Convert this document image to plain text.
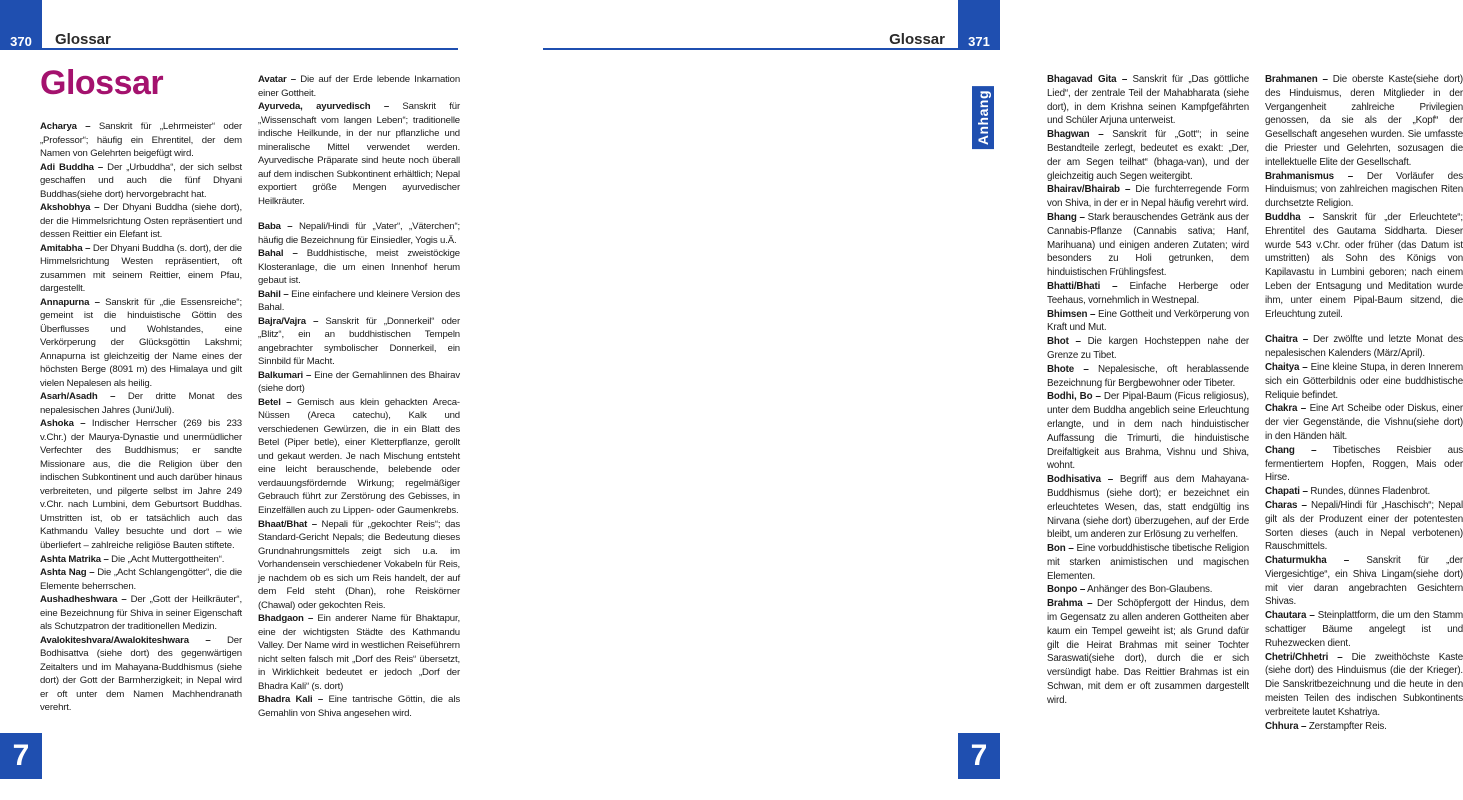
370	Glossar
Glossar

Acharya – Sanskrit für „Lehrmeister“ oder „Professor“; häufig ein Ehrentitel, der dem Namen von Gelehrten beigefügt wird.

Adi Buddha – Der „Urbuddha“, der sich selbst geschaffen und auch die fünf Dhyani Buddhas(siehe dort) hervorgebracht hat.

Akshobhya – Der Dhyani Buddha (siehe dort), der die Himmelsrichtung Osten repräsentiert und dessen Reittier ein Elefant ist.

Amitabha – Der Dhyani Buddha (s. dort), der die Himmelsrichtung Westen repräsentiert, oft zusammen mit seinem Reittier, einem Pfau, dargestellt.

Annapurna – Sanskrit für „die Essensreiche“; gemeint ist die hinduistische Göttin des Überflusses und Wohlstandes, eine Verkörperung der Glücksgöttin Lakshmi; Annapurna ist gleichzeitig der Name eines der höchsten Berge (8091 m) des Himalaya und gilt vielen Nepalesen als heilig.

Asarh/Asadh – Der dritte Monat des nepalesischen Jahres (Juni/Juli).

Ashoka – Indischer Herrscher (269 bis 233 v.Chr.) der Maurya-Dynastie und unermüdlicher Verfechter des Buddhismus; er sandte Missionare aus, die die Religion über den indischen Subkontinent und auch darüber hinaus verbreiteten, und pilgerte selbst im Jahre 249 v.Chr. nach Lumbini, dem Geburtsort Buddhas. Umstritten ist, ob er tatsächlich auch das Kathmandu Valley besuchte und dort – wie überliefert – zahlreiche religiöse Bauten stiftete.

Ashta Matrika – Die „Acht Muttergottheiten“.

Ashta Nag – Die „Acht Schlangengötter“, die die Elemente beherrschen.

Aushadheshwara – Der „Gott der Heilkräuter“, eine Bezeichnung für Shiva in seiner Eigenschaft als Schutzpatron der traditionellen Medizin.

Avalokiteshvara/Awalokiteshwara – Der Bodhisattva (siehe dort) des gegenwärtigen Zeitalters und im Mahayana-Buddhismus (siehe dort) der Gott der Barmherzigkeit; in Nepal wird er oft unter dem Namen Machhendranath verehrt.

Avatar – Die auf der Erde lebende Inkarnation einer Gottheit.

Ayurveda, ayurvedisch – Sanskrit für „Wissenschaft vom langen Leben“; traditionelle indische Heilkunde, in der nur pflanzliche und mineralische Mittel verwendet werden. Ayurvedische Präparate sind heute noch überall auf dem indischen Subkontinent erhältlich; Nepal exportiert größe Mengen ayurvedischer Heilkräuter.

Baba – Nepali/Hindi für „Vater“, „Väterchen“; häufig die Bezeichnung für Einsiedler, Yogis u.Ä.

Bahal – Buddhistische, meist zweistöckige Klosteranlage, die um einen Innenhof herum gebaut ist.

Bahil – Eine einfachere und kleinere Version des Bahal.

Bajra/Vajra – Sanskrit für „Donnerkeil“ oder „Blitz“, ein an buddhistischen Tempeln angebrachter symbolischer Donnerkeil, ein Sinnbild für Macht.

Balkumari – Eine der Gemahlinnen des Bhairav (siehe dort)

Betel – Gemisch aus klein gehackten Areca-Nüssen (Areca catechu), Kalk und verschiedenen Gewürzen, die in ein Blatt des Betel (Piper betle), einer Kletterpflanze, gerollt und gekaut werden. Je nach Mischung entsteht eine leicht berauschende, belebende oder verdauungsfördernde Wirkung; regelmäßiger Gebrauch führt zur Zerstörung des Gebisses, in Einzelfällen auch zu Lippen- oder Gaumenkrebs.

Bhaat/Bhat – Nepali für „gekochter Reis“; das Standard-Gericht Nepals; die Bedeutung dieses Grundnahrungsmittels zeigt sich u.a. im Vorhandensein verschiedener Vokabeln für Reis, je nachdem ob es sich um Reis handelt, der auf dem Feld steht (Dhan), rohe Reiskörner (Chawal) oder gekochten Reis.

Bhadgaon – Ein anderer Name für Bhaktapur, eine der wichtigsten Städte des Kathmandu Valley. Der Name wird in westlichen Reiseführern nicht selten falsch mit „Dorf des Reis“ übersetzt, in Wirklichkeit bedeutet er jedoch „Dorf der Bhadra Kali“ (s. dort)

Bhadra Kali – Eine tantrische Göttin, die als Gemahlin von Shiva angesehen wird.

7
371
Glossar
Anhang

Bhagavad Gita – Sanskrit für „Das göttliche Lied“, der zentrale Teil der Mahabharata (siehe dort), in dem Krishna seinen Kampfgefährten und Schüler Arjuna unterweist.

Bhagwan – Sanskrit für „Gott“; in seine Bestandteile zerlegt, bedeutet es exakt: „Der, der am Segen teilhat“ (bhaga-van), und der gleichzeitig auch Segen weitergibt.

Bhairav/Bhairab – Die furchterregende Form von Shiva, in der er in Nepal häufig verehrt wird.

Bhang – Stark berauschendes Getränk aus der Cannabis-Pflanze (Cannabis sativa; Hanf, Marihuana) und einigen anderen Zutaten; wird besonders zu Holi getrunken, dem hinduistischen Frühlingsfest.

Bhatti/Bhati – Einfache Herberge oder Teehaus, vornehmlich in Westnepal.

Bhimsen – Eine Gottheit und Verkörperung von Kraft und Mut.

Bhot – Die kargen Hochsteppen nahe der Grenze zu Tibet.

Bhote – Nepalesische, oft herablassende Bezeichnung für Bergbewohner oder Tibeter.

Bodhi, Bo – Der Pipal-Baum (Ficus religiosus), unter dem Buddha angeblich seine Erleuchtung erlangte, und in dem nach hinduistischer Auffassung die Trimurti, die hinduistische Dreifaltigkeit aus Brahma, Vishnu und Shiva, wohnt.

Bodhisativa – Begriff aus dem Mahayana-Buddhismus (siehe dort); er bezeichnet ein erleuchtetes Wesen, das, statt endgültig ins Nirvana (siehe dort) überzugehen, auf der Erde bleibt, um anderen zur Erlösung zu verhelfen.

Bon – Eine vorbuddhistische tibetische Religion mit starken animistischen und magischen Elementen.

Bonpo – Anhänger des Bon-Glaubens.

Brahma – Der Schöpfergott der Hindus, dem im Gegensatz zu allen anderen Gottheiten aber kaum ein Tempel geweiht ist; als Grund dafür gilt die Heirat Brahmas mit seiner Tochter Saraswati(siehe dort), durch die er sich versündigt habe. Das Reittier Brahmas ist ein Schwan, mit dem er oft zusammen dargestellt wird.

Brahmanen – Die oberste Kaste(siehe dort) des Hinduismus, deren Mitglieder in der Vergangenheit zahlreiche Privilegien genossen, da sie als der „Kopf“ der Gesellschaft angesehen wurden. Sie umfasste die Priester und Gelehrten, sozusagen die intellektuelle Elite der Gesellschaft.

Brahmanismus – Der Vorläufer des Hinduismus; von zahlreichen magischen Riten durchsetzte Religion.

Buddha – Sanskrit für „der Erleuchtete“; Ehrentitel des Gautama Siddharta. Dieser wurde 543 v.Chr. oder früher (das Datum ist umstritten) als Sohn des Königs von Kapilavastu in Lumbini geboren; nach einem Leben der Entsagung und Meditation wurde ihm, unter einem Pipal-Baum sitzend, die Erleuchtung zuteil.

Chaitra – Der zwölfte und letzte Monat des nepalesischen Kalenders (März/April).

Chaitya – Eine kleine Stupa, in deren Innerem sich ein Götterbildnis oder eine buddhistische Reliquie befindet.

Chakra – Eine Art Scheibe oder Diskus, einer der vier Gegenstände, die Vishnu(siehe dort) in den Händen hält.

Chang – Tibetisches Reisbier aus fermentiertem Hopfen, Roggen, Mais oder Hirse.

Chapati – Rundes, dünnes Fladenbrot.

Charas – Nepali/Hindi für „Haschisch“; Nepal gilt als der Produzent einer der potentesten Sorten dieses (auch in Nepal verbotenen) Rauschmittels.

Chaturmukha – Sanskrit für „der Viergesichtige“, ein Shiva Lingam(siehe dort) mit vier daran angebrachten Gesichtern Shivas.

Chautara – Steinplattform, die um den Stamm schattiger Bäume angelegt ist und Ruhezwecken dient.

Chetri/Chhetri – Die zweithöchste Kaste (siehe dort) des Hinduismus (die der Krieger). Die Sanskritbezeichnung und die heute in den meisten Teilen des indischen Subkontinents verbreitete lautet Kshatriya.

Chhura – Zerstampfter Reis.

7
